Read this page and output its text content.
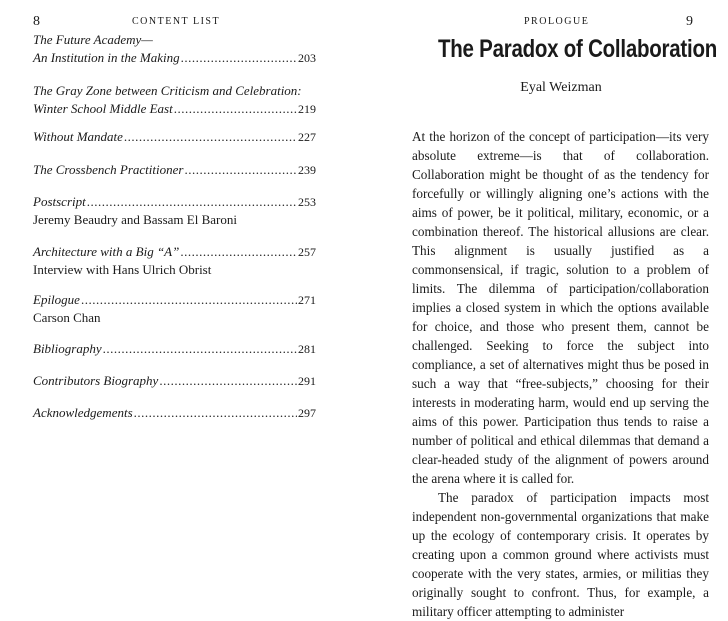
8	CONTENT LIST
The Future Academy—
An Institution in the Making .....	203
The Gray Zone between Criticism and Celebration:
Winter School Middle East .....	219
Without Mandate .....	227
The Crossbench Practitioner .....	239
Postscript .....	253
Jeremy Beaudry and Bassam El Baroni
Architecture with a Big “A” .....	257
Interview with Hans Ulrich Obrist
Epilogue .....	271
Carson Chan
Bibliography .....	281
Contributors Biography .....	291
Acknowledgements .....	297
PROLOGUE	9
The Paradox of Collaboration
Eyal Weizman

At the horizon of the concept of participation—its very absolute extreme—is that of collaboration. Collaboration might be thought of as the tendency for forcefully or willingly aligning one’s actions with the aims of power, be it political, military, economic, or a combination thereof. The historical allusions are clear. This alignment is usually justified as a commonsensical, if tragic, solution to a problem of limits. The dilemma of participation/collaboration implies a closed system in which the options available for choice, and those who present them, cannot be challenged. Seeking to force the subject into compliance, a set of alternatives might thus be posed in such a way that “free-subjects,” choosing for their interests in moderating harm, would end up serving the aims of this power. Participation thus tends to raise a number of political and ethical dilemmas that demand a clear-headed study of the alignment of powers around the arena where it is called for.

The paradox of participation impacts most independent non-governmental organizations that make up the ecology of contemporary crisis. It operates by creating upon a common ground where activists must cooperate with the very states, armies, or militias they originally sought to confront. Thus, for example, a military officer attempting to administer
